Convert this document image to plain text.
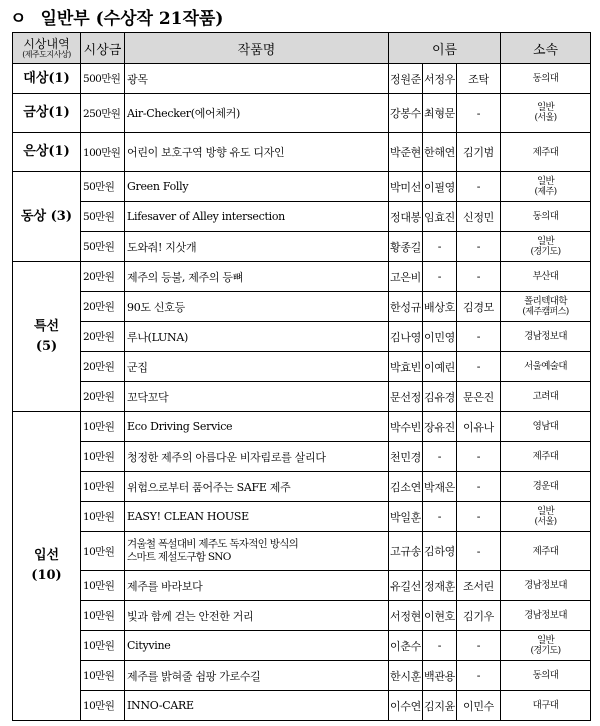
ㅇ 일반부 (수상작 21작품)
시상내역
(제주도지사상)	시상금	작품명	이름			소속
대상(1)	500만원	광목	정원준	서정우	조탁	동의대
금상(1)	250만원	Air-Checker(에어체커)	강봉수	최형문	-	일반
(서울)

은상(1)	100만원	어린이 보호구역 방향 유도 디자인	박준현	한해연	김기범	제주대
동상 (3)	50만원	Green Folly	박미선	이필영	-	일반
(제주)

	50만원	Lifesaver of Alley intersection	정대봉	임효진	신정민	동의대
	50만원	도와줘! 지삿개	황종길	-	-	일반
(경기도)

특선
(5)	20만원	제주의 등불, 제주의 등뼈	고은비	-	-	부산대
	20만원	90도 신호등	한성규	배상호	김경모	폴리텍대학
(제주캠퍼스)

	20만원	루나(LUNA)	김나영	이민영	-	경남정보대
	20만원	군집	박효빈	이예린	-	서울예술대
	20만원	꼬닥꼬닥	문선정	김유경	문은진	고려대
입선
(10)	10만원	Eco Driving Service	박수빈	장유진	이유나	영남대
	10만원	청정한 제주의 아름다운 비자림로를 살리다	천민경	-	-	제주대
	10만원	위험으로부터 품어주는 SAFE 제주	김소연	박재은	-	경운대
	10만원	EASY! CLEAN HOUSE	박일훈	-	-	일반
(서울)

	10만원	겨울철 폭설대비 제주도 독자적인 방식의
스마트 제설도구함 SNO	고규송	김하영	-	제주대
	10만원	제주를 바라보다	유길선	정재훈	조서린	경남정보대
	10만원	빛과 함께 걷는 안전한 거리	서정현	이현호	김기우	경남정보대
	10만원	Cityvine	이춘수	-	-	일반
(경기도)

	10만원	제주를 밝혀줄 쉼팡 가로수길	한시훈	백관용	-	동의대
	10만원	INNO-CARE	이수연	김지윤	이민수	대구대
